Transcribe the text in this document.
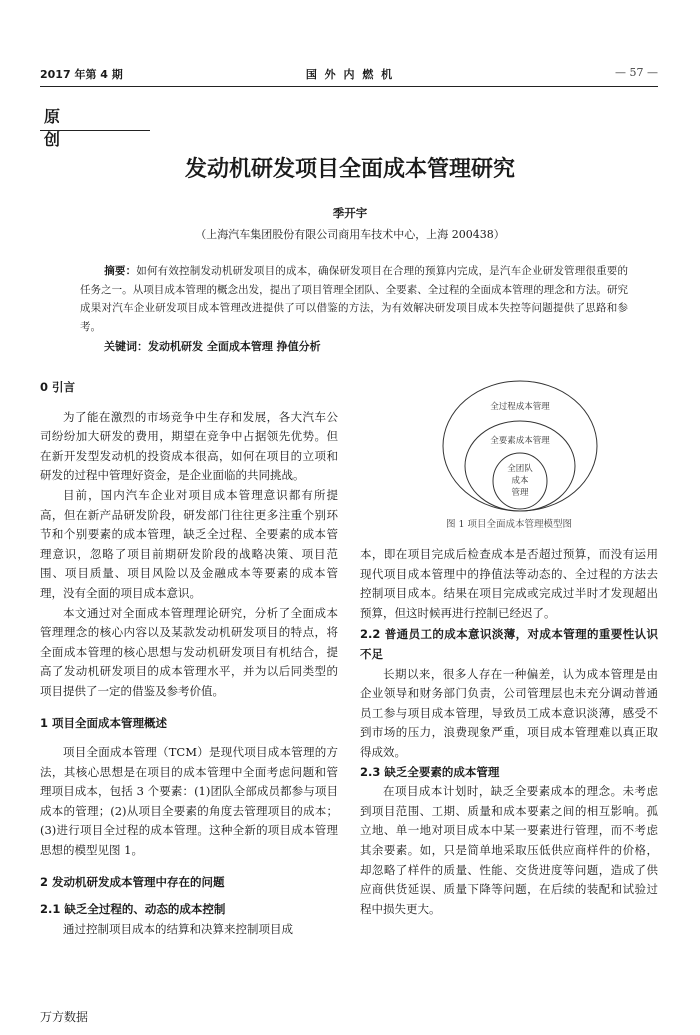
2017 年第 4 期	国 外 内 燃 机	— 57 —
原 创
发动机研发项目全面成本管理研究
季开宇
（上海汽车集团股份有限公司商用车技术中心，上海 200438）
摘要：如何有效控制发动机研发项目的成本，确保研发项目在合理的预算内完成，是汽车企业研发管理很重要的任务之一。从项目成本管理的概念出发，提出了项目管理全团队、全要素、全过程的全面成本管理的理念和方法。研究成果对汽车企业研发项目成本管理改进提供了可以借鉴的方法，为有效解决研发项目成本失控等问题提供了思路和参考。
关键词：发动机研发 全面成本管理 挣值分析
0 引言

为了能在激烈的市场竞争中生存和发展，各大汽车公司纷纷加大研发的费用，期望在竞争中占据领先优势。但在新开发型发动机的投资成本很高，如何在项目的立项和研发的过程中管理好资金，是企业面临的共同挑战。

目前，国内汽车企业对项目成本管理意识都有所提高，但在新产品研发阶段，研发部门往往更多注重个别环节和个别要素的成本管理，缺乏全过程、全要素的成本管理意识，忽略了项目前期研发阶段的战略决策、项目范围、项目质量、项目风险以及金融成本等要素的成本管理，没有全面的项目成本意识。

本文通过对全面成本管理理论研究，分析了全面成本管理理念的核心内容以及某款发动机研发项目的特点，将全面成本管理的核心思想与发动机研发项目有机结合，提高了发动机研发项目的成本管理水平，并为以后同类型的项目提供了一定的借鉴及参考价值。

1 项目全面成本管理概述

项目全面成本管理（TCM）是现代项目成本管理的方法，其核心思想是在项目的成本管理中全面考虑问题和管理项目成本，包括 3 个要素：(1)团队全部成员都参与项目成本的管理；(2)从项目全要素的角度去管理项目的成本；(3)进行项目全过程的成本管理。这种全新的项目成本管理思想的模型见图 1。

2 发动机研发成本管理中存在的问题
2.1 缺乏全过程的、动态的成本控制

通过控制项目成本的结算和决算来控制项目成

全过程成本管理
全要素成本管理
全团队
成本
管理
图 1 项目全面成本管理模型图

本，即在项目完成后检查成本是否超过预算，而没有运用现代项目成本管理中的挣值法等动态的、全过程的方法去控制项目成本。结果在项目完成或完成过半时才发现超出预算，但这时候再进行控制已经迟了。

2.2 普通员工的成本意识淡薄，对成本管理的重要性认识不足

长期以来，很多人存在一种偏差，认为成本管理是由企业领导和财务部门负责，公司管理层也未充分调动普通员工参与项目成本管理，导致员工成本意识淡薄，感受不到市场的压力，浪费现象严重，项目成本管理难以真正取得成效。

2.3 缺乏全要素的成本管理

在项目成本计划时，缺乏全要素成本的理念。未考虑到项目范围、工期、质量和成本要素之间的相互影响。孤立地、单一地对项目成本中某一要素进行管理，而不考虑其余要素。如，只是简单地采取压低供应商样件的价格，却忽略了样件的质量、性能、交货进度等问题，造成了供应商供货延误、质量下降等问题，在后续的装配和试验过程中损失更大。

万方数据
